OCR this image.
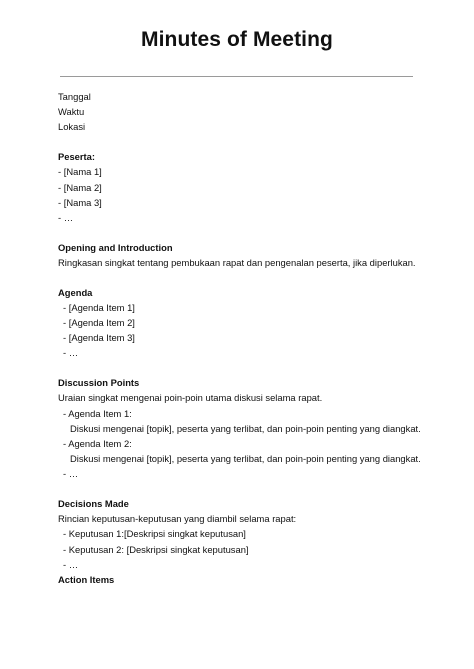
Minutes of Meeting
Tanggal
Waktu
Lokasi
Peserta:
- [Nama 1]
- [Nama 2]
- [Nama 3]
- …
Opening and Introduction
Ringkasan singkat tentang pembukaan rapat dan pengenalan peserta, jika diperlukan.
Agenda
- [Agenda Item 1]
- [Agenda Item 2]
- [Agenda Item 3]
- …
Discussion Points
Uraian singkat mengenai poin-poin utama diskusi selama rapat.
- Agenda Item 1:
Diskusi mengenai [topik], peserta yang terlibat, dan poin-poin penting yang diangkat.
- Agenda Item 2:
Diskusi mengenai [topik], peserta yang terlibat, dan poin-poin penting yang diangkat.
- …
Decisions Made
Rincian keputusan-keputusan yang diambil selama rapat:
- Keputusan 1:[Deskripsi singkat keputusan]
- Keputusan 2: [Deskripsi singkat keputusan]
- …
Action Items
